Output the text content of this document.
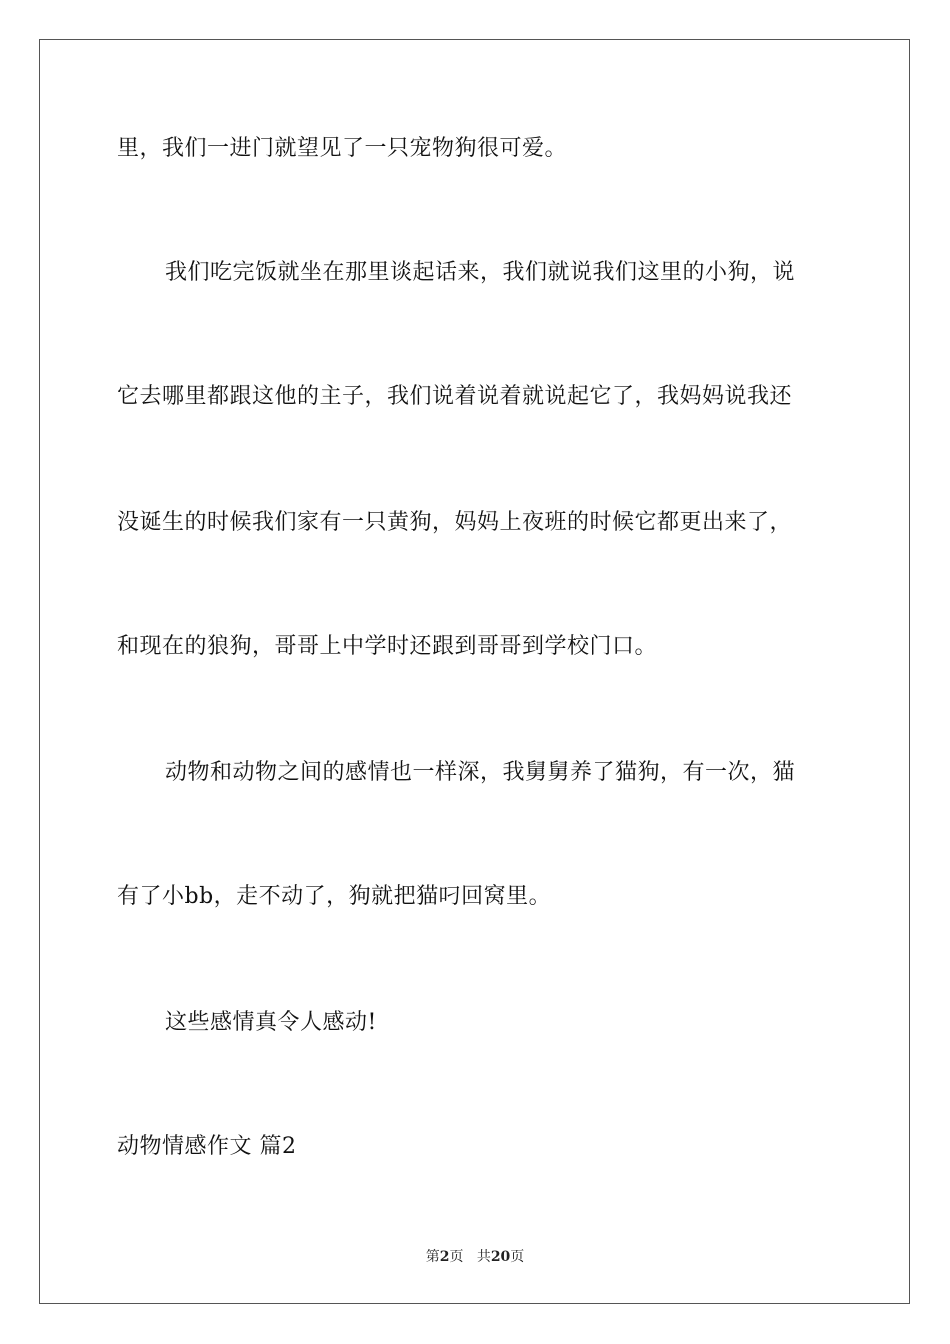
里，我们一进门就望见了一只宠物狗很可爱。
我们吃完饭就坐在那里谈起话来，我们就说我们这里的小狗，说
它去哪里都跟这他的主子，我们说着说着就说起它了，我妈妈说我还
没诞生的时候我们家有一只黄狗，妈妈上夜班的时候它都更出来了，
和现在的狼狗，哥哥上中学时还跟到哥哥到学校门口。
动物和动物之间的感情也一样深，我舅舅养了猫狗，有一次，猫
有了小bb，走不动了，狗就把猫叼回窝里。
这些感情真令人感动!
动物情感作文 篇2
第2页 共20页
